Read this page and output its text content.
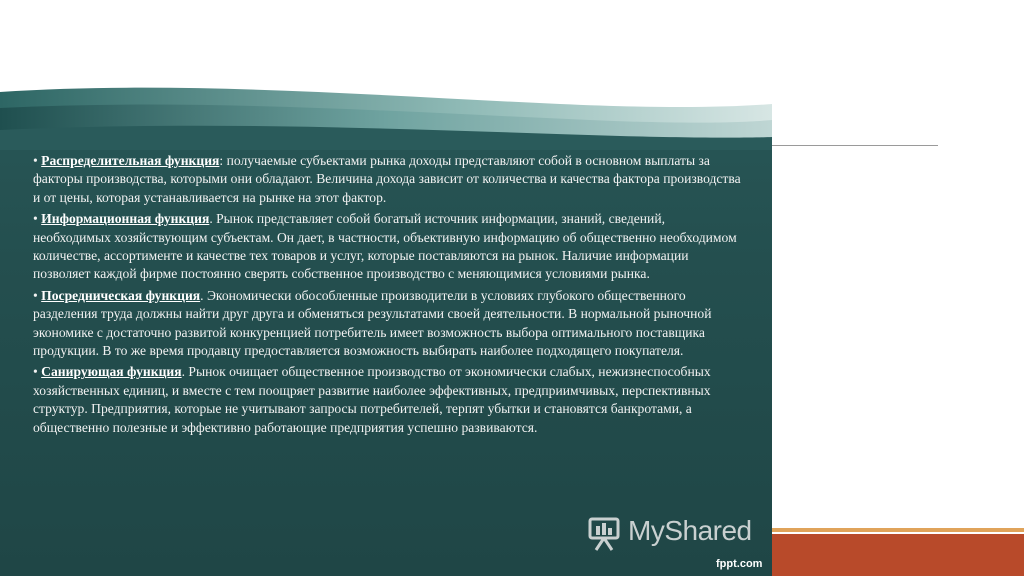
• Распределительная функция: получаемые субъектами рынка доходы представляют собой в основном выплаты за факторы производства, которыми они обладают. Величина дохода зависит от количества и качества фактора производства и от цены, которая устанавливается на рынке на этот фактор.

• Информационная функция. Рынок представляет собой богатый источник информации, знаний, сведений, необходимых хозяйствующим субъектам. Он дает, в частности, объективную информацию об общественно необходимом количестве, ассортименте и качестве тех товаров и услуг, которые поставляются на рынок. Наличие информации позволяет каждой фирме постоянно сверять собственное производство с меняющимися условиями рынка.

• Посредническая функция. Экономически обособленные производители в условиях глубокого общественного разделения труда должны найти друг друга и обменяться результатами своей деятельности. В нормальной рыночной экономике с достаточно развитой конкуренцией потребитель имеет возможность выбора оптимального поставщика продукции. В то же время продавцу предоставляется возможность выбирать наиболее подходящего покупателя.

• Санирующая функция. Рынок очищает общественное производство от экономически слабых, нежизнеспособных хозяйственных единиц, и вместе с тем поощряет развитие наиболее эффективных, предприимчивых, перспективных структур. Предприятия, которые не учитывают запросы потребителей, терпят убытки и становятся банкротами, а общественно полезные и эффективно работающие предприятия успешно развиваются.

MyShared
fppt.com
